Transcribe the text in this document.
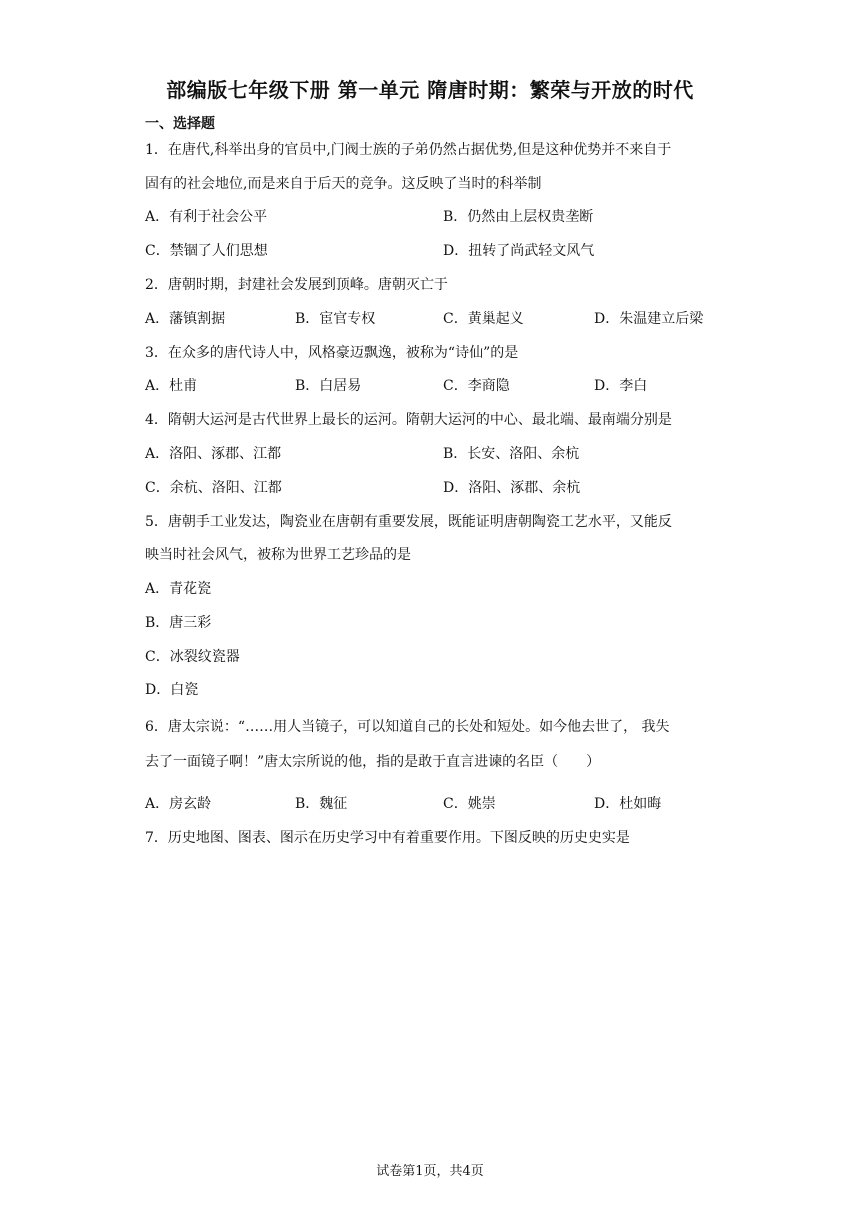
部编版七年级下册 第一单元 隋唐时期：繁荣与开放的时代
一、选择题
1．在唐代,科举出身的官员中,门阀士族的子弟仍然占据优势,但是这种优势并不来自于
固有的社会地位,而是来自于后天的竞争。这反映了当时的科举制
A．有利于社会公平	B．仍然由上层权贵垄断
C．禁锢了人们思想	D．扭转了尚武轻文风气
2．唐朝时期，封建社会发展到顶峰。唐朝灭亡于
A．藩镇割据	B．宦官专权	C．黄巢起义	D．朱温建立后梁
3．在众多的唐代诗人中，风格豪迈飘逸，被称为“诗仙”的是
A．杜甫	B．白居易	C．李商隐	D．李白
4．隋朝大运河是古代世界上最长的运河。隋朝大运河的中心、最北端、最南端分别是
A．洛阳、涿郡、江都	B．长安、洛阳、余杭
C．余杭、洛阳、江都	D．洛阳、涿郡、余杭
5．唐朝手工业发达，陶瓷业在唐朝有重要发展，既能证明唐朝陶瓷工艺水平，又能反
映当时社会风气，被称为世界工艺珍品的是
A．青花瓷
B．唐三彩
C．冰裂纹瓷器
D．白瓷
6．唐太宗说：“……用人当镜子，可以知道自己的长处和短处。如今他去世了， 我失
去了一面镜子啊！”唐太宗所说的他，指的是敢于直言进谏的名臣（　　）
A．房玄龄	B．魏征	C．姚崇	D．杜如晦
7．历史地图、图表、图示在历史学习中有着重要作用。下图反映的历史史实是
试卷第1页，共4页
